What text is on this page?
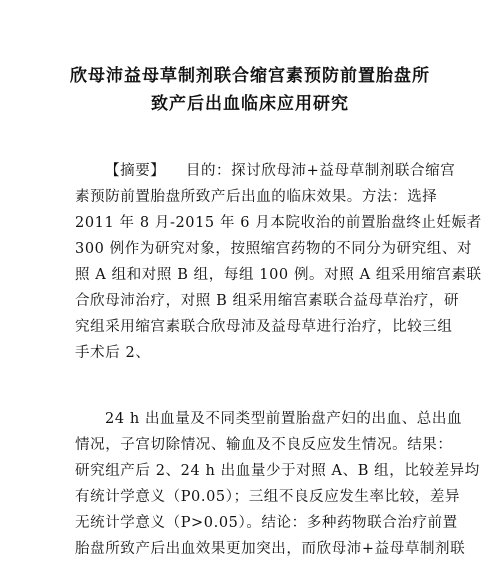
欣母沛益母草制剂联合缩宫素预防前置胎盘所
致产后出血临床应用研究
【摘要】 目的：探讨欣母沛+益母草制剂联合缩宫
素预防前置胎盘所致产后出血的临床效果。方法：选择
2011 年 8 月-2015 年 6 月本院收治的前置胎盘终止妊娠者
300 例作为研究对象，按照缩宫药物的不同分为研究组、对
照 A 组和对照 B 组，每组 100 例。对照 A 组采用缩宫素联
合欣母沛治疗，对照 B 组采用缩宫素联合益母草治疗，研
究组采用缩宫素联合欣母沛及益母草进行治疗，比较三组
手术后 2、
24 h 出血量及不同类型前置胎盘产妇的出血、总出血
情况，子宫切除情况、输血及不良反应发生情况。结果：
研究组产后 2、24 h 出血量少于对照 A、B 组，比较差异均
有统计学意义（P0.05）；三组不良反应发生率比较，差异
无统计学意义（P>0.05）。结论：多种药物联合治疗前置
胎盘所致产后出血效果更加突出，而欣母沛+益母草制剂联
